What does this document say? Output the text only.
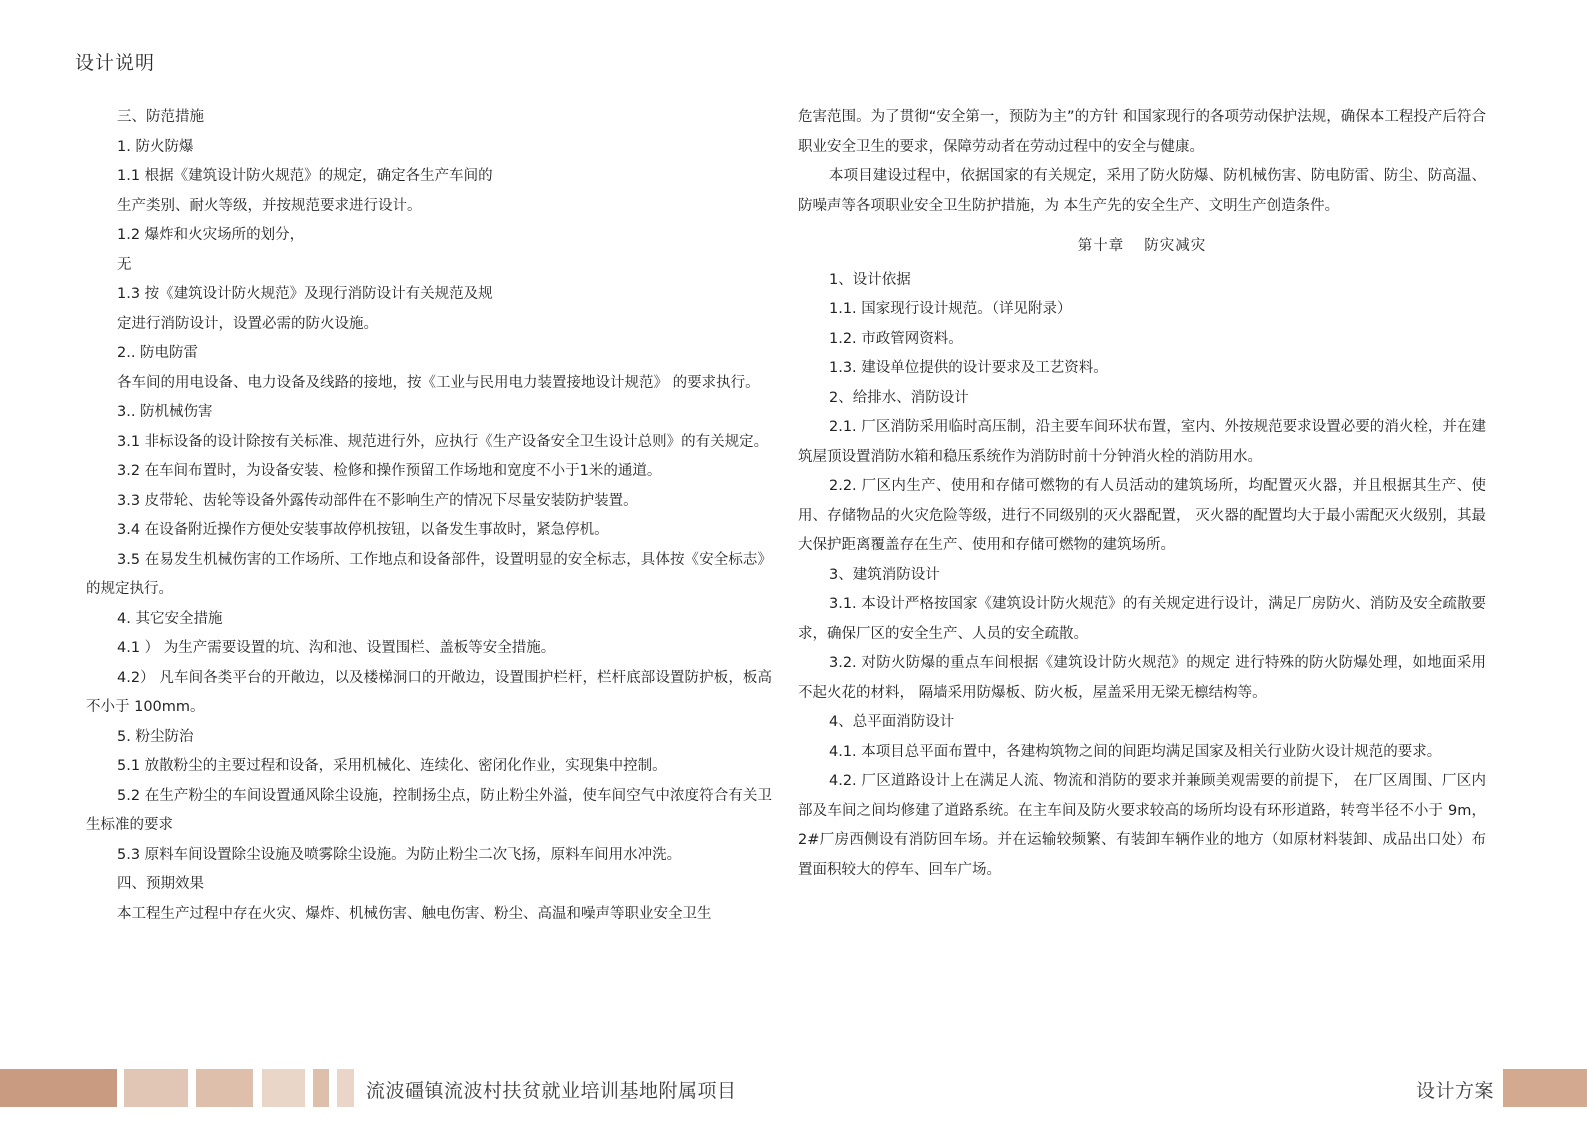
设计说明

三、防范措施

1. 防火防爆

1.1 根据《建筑设计防火规范》的规定，确定各生产车间的

生产类别、耐火等级，并按规范要求进行设计。

1.2 爆炸和火灾场所的划分，

无

1.3 按《建筑设计防火规范》及现行消防设计有关规范及规

定进行消防设计，设置必需的防火设施。

2.. 防电防雷

各车间的用电设备、电力设备及线路的接地，按《工业与民用电力装置接地设计规范》 的要求执行。

3.. 防机械伤害

3.1 非标设备的设计除按有关标准、规范进行外，应执行《生产设备安全卫生设计总则》的有关规定。

3.2 在车间布置时，为设备安装、检修和操作预留工作场地和宽度不小于1米的通道。

3.3 皮带轮、齿轮等设备外露传动部件在不影响生产的情况下尽量安装防护装置。

3.4 在设备附近操作方便处安装事故停机按钮，以备发生事故时，紧急停机。

3.5 在易发生机械伤害的工作场所、工作地点和设备部件，设置明显的安全标志，具体按《安全标志》 的规定执行。

4. 其它安全措施

4.1 ） 为生产需要设置的坑、沟和池、设置围栏、盖板等安全措施。

4.2） 凡车间各类平台的开敞边，以及楼梯洞口的开敞边，设置围护栏杆，栏杆底部设置防护板，板高不小于 100mm。

5. 粉尘防治

5.1 放散粉尘的主要过程和设备，采用机械化、连续化、密闭化作业，实现集中控制。

5.2 在生产粉尘的车间设置通风除尘设施，控制扬尘点，防止粉尘外溢，使车间空气中浓度符合有关卫生标准的要求

5.3 原料车间设置除尘设施及喷雾除尘设施。为防止粉尘二次飞扬，原料车间用水冲洗。

四、预期效果

本工程生产过程中存在火灾、爆炸、机械伤害、触电伤害、粉尘、高温和噪声等职业安全卫生

危害范围。为了贯彻“安全第一，预防为主”的方针 和国家现行的各项劳动保护法规，确保本工程投产后符合职业安全卫生的要求，保障劳动者在劳动过程中的安全与健康。

本项目建设过程中，依据国家的有关规定，采用了防火防爆、防机械伤害、防电防雷、防尘、防高温、防噪声等各项职业安全卫生防护措施，为 本生产先的安全生产、文明生产创造条件。

第十章 防灾减灾

1、设计依据

1.1. 国家现行设计规范。（详见附录）

1.2. 市政管网资料。

1.3. 建设单位提供的设计要求及工艺资料。

2、给排水、消防设计

2.1. 厂区消防采用临时高压制，沿主要车间环状布置，室内、外按规范要求设置必要的消火栓，并在建筑屋顶设置消防水箱和稳压系统作为消防时前十分钟消火栓的消防用水。

2.2. 厂区内生产、使用和存储可燃物的有人员活动的建筑场所，均配置灭火器，并且根据其生产、使用、存储物品的火灾危险等级，进行不同级别的灭火器配置， 灭火器的配置均大于最小需配灭火级别，其最大保护距离覆盖存在生产、使用和存储可燃物的建筑场所。

3、建筑消防设计

3.1. 本设计严格按国家《建筑设计防火规范》的有关规定进行设计，满足厂房防火、消防及安全疏散要求，确保厂区的安全生产、人员的安全疏散。

3.2. 对防火防爆的重点车间根据《建筑设计防火规范》的规定 进行特殊的防火防爆处理，如地面采用不起火花的材料， 隔墙采用防爆板、防火板，屋盖采用无梁无檩结构等。

4、总平面消防设计

4.1. 本项目总平面布置中，各建构筑物之间的间距均满足国家及相关行业防火设计规范的要求。

4.2. 厂区道路设计上在满足人流、物流和消防的要求并兼顾美观需要的前提下， 在厂区周围、厂区内部及车间之间均修建了道路系统。在主车间及防火要求较高的场所均设有环形道路，转弯半径不小于 9m，2#厂房西侧设有消防回车场。并在运输较频繁、有装卸车辆作业的地方（如原材料装卸、成品出口处）布置面积较大的停车、回车广场。

流波礓镇流波村扶贫就业培训基地附属项目	设计方案
